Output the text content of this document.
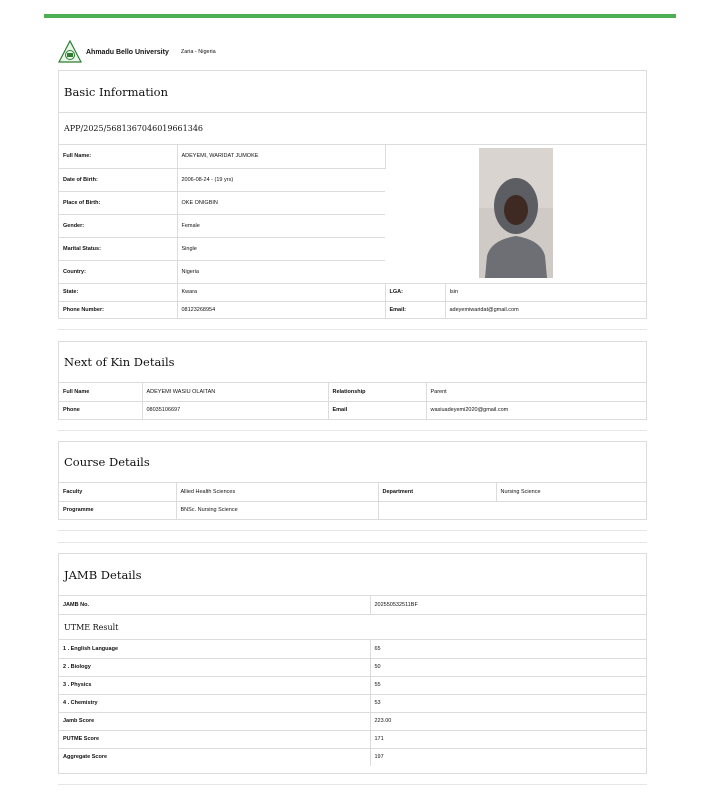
Ahmadu Bello University Zaria - Nigeria
Basic Information
APP/2025/5681367046019661346
Full Name:	ADEYEMI, WARIDAT JUMOKE	
Date of Birth:	2006-08-24 - (19 yrs)		
Place of Birth:	OKE ONIGBIN		
Gender:	Female		
Marital Status:	Single		
Country:	Nigeria		
State:	Kwara	LGA:	Isin
Phone Number:	08123268954	Email:	adeyemiwaridat@gmail.com
Next of Kin Details
Full Name	ADEYEMI WASIU OLAITAN	Relationship	Parent
Phone	08035106697	Email	wasiuadeyemi2020@gmail.com
Course Details
Faculty	Allied Health Sciences	Department	Nursing Science
Programme	BNSc. Nursing Science		
JAMB Details
JAMB No.	202550532511BF
UTME Result
1 . English Language	65
2 . Biology	50
3 . Physics	55
4 . Chemistry	53
Jamb Score	223.00
PUTME Score	171
Aggregate Score	197
